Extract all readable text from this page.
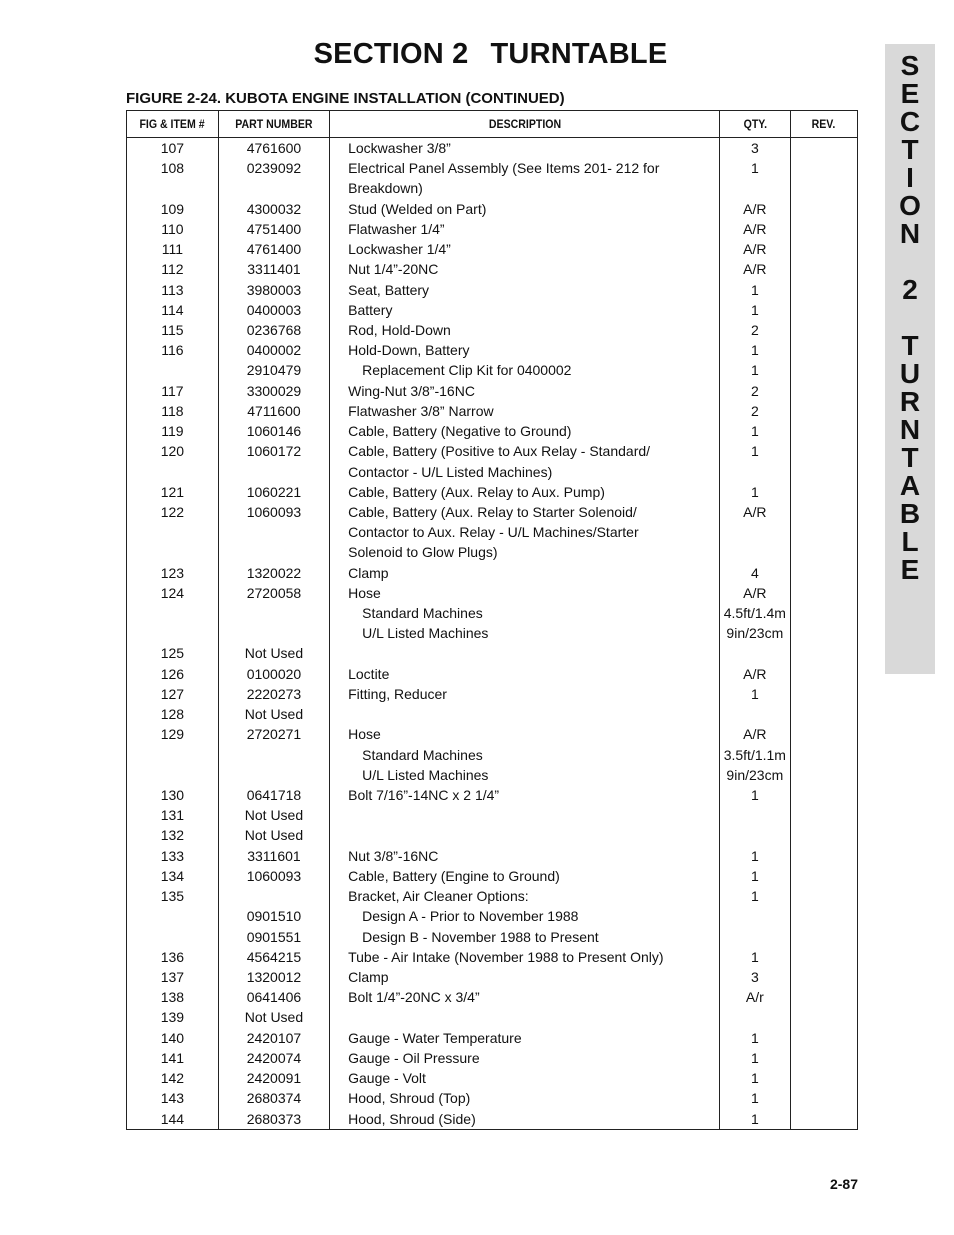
SECTION 2 TURNTABLE
FIGURE 2-24. KUBOTA ENGINE INSTALLATION (CONTINUED)
S
E
C
T
I
O
N
2
T
U
R
N
T
A
B
L
E
FIG & ITEM #	PART NUMBER	DESCRIPTION	QTY.	REV.
107	4761600	Lockwasher 3/8”	3	
108	0239092	Electrical Panel Assembly (See Items 201- 212 for	1	
		Breakdown)		
109	4300032	Stud (Welded on Part)	A/R	
110	4751400	Flatwasher 1/4”	A/R	
111	4761400	Lockwasher 1/4”	A/R	
112	3311401	Nut 1/4”-20NC	A/R	
113	3980003	Seat, Battery	1	
114	0400003	Battery	1	
115	0236768	Rod, Hold-Down	2	
116	0400002	Hold-Down, Battery	1	
	2910479	Replacement Clip Kit for 0400002	1	
117	3300029	Wing-Nut 3/8”-16NC	2	
118	4711600	Flatwasher 3/8” Narrow	2	
119	1060146	Cable, Battery (Negative to Ground)	1	
120	1060172	Cable, Battery (Positive to Aux Relay - Standard/	1	
		Contactor - U/L Listed Machines)		
121	1060221	Cable, Battery (Aux. Relay to Aux. Pump)	1	
122	1060093	Cable, Battery (Aux. Relay to Starter Solenoid/	A/R	
		Contactor to Aux. Relay - U/L Machines/Starter		
		Solenoid to Glow Plugs)		
123	1320022	Clamp	4	
124	2720058	Hose	A/R	
		Standard Machines	4.5ft/1.4m	
		U/L Listed Machines	9in/23cm	
125	Not Used			
126	0100020	Loctite	A/R	
127	2220273	Fitting, Reducer	1	
128	Not Used			
129	2720271	Hose	A/R	
		Standard Machines	3.5ft/1.1m	
		U/L Listed Machines	9in/23cm	
130	0641718	Bolt 7/16”-14NC x 2 1/4”	1	
131	Not Used			
132	Not Used			
133	3311601	Nut 3/8”-16NC	1	
134	1060093	Cable, Battery (Engine to Ground)	1	
135		Bracket, Air Cleaner Options:	1	
	0901510	Design A - Prior to November 1988		
	0901551	Design B - November 1988 to Present		
136	4564215	Tube - Air Intake (November 1988 to Present Only)	1	
137	1320012	Clamp	3	
138	0641406	Bolt 1/4”-20NC x 3/4”	A/r	
139	Not Used			
140	2420107	Gauge - Water Temperature	1	
141	2420074	Gauge - Oil Pressure	1	
142	2420091	Gauge - Volt	1	
143	2680374	Hood, Shroud (Top)	1	
144	2680373	Hood, Shroud (Side)	1	
2-87
